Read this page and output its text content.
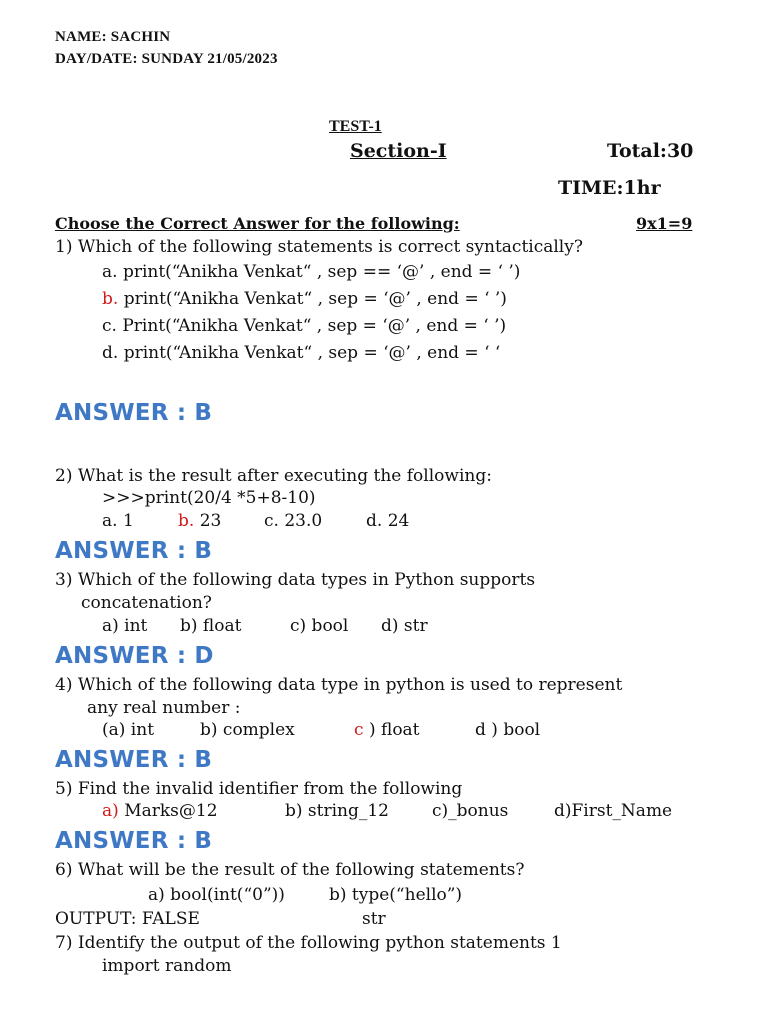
NAME: SACHIN
DAY/DATE: SUNDAY 21/05/2023
TEST-1
Section-I	Total:30
TIME:1hr
Choose the Correct Answer for the following:	9x1=9
1) Which of the following statements is correct syntactically?
a. print(“Anikha Venkat“ , sep == ‘@’ , end = ‘ ’)
b. print(“Anikha Venkat“ , sep = ‘@’ , end = ‘ ’)
c. Print(“Anikha Venkat“ , sep = ‘@’ , end = ‘ ’)
d. print(“Anikha Venkat“ , sep = ‘@’ , end = ‘ ‘
ANSWER : B
2) What is the result after executing the following:
>>>print(20/4 *5+8-10)
a. 1	b. 23	c. 23.0	d. 24
ANSWER : B
3) Which of the following data types in Python supports
concatenation?
a) int b) float	c) bool d) str
ANSWER : D
4) Which of the following data type in python is used to represent
any real number :
(a) int	b) complex	c ) float	d ) bool
ANSWER : B
5) Find the invalid identifier from the following
a) Marks@12	b) string_12	c)_bonus	d)First_Name
ANSWER : B
6) What will be the result of the following statements?
a) bool(int(“0”))	b) type(“hello”)
OUTPUT: FALSE	str
7) Identify the output of the following python statements 1
import random
